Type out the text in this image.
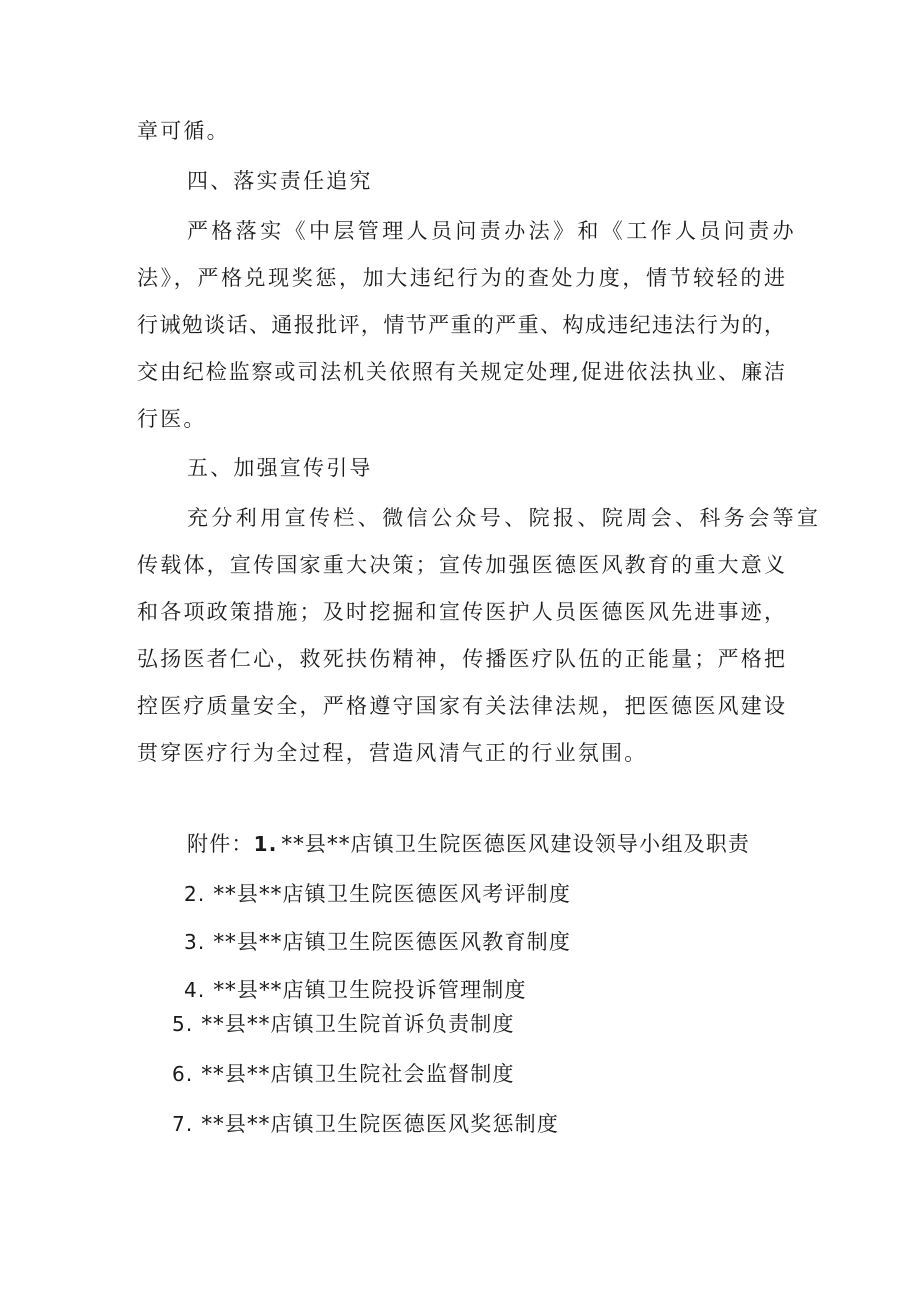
章可循。
四、落实责任追究
严格落实《中层管理人员问责办法》和《工作人员问责办
法》，严格兑现奖惩，加大违纪行为的查处力度，情节较轻的进
行诫勉谈话、通报批评，情节严重的严重、构成违纪违法行为的，
交由纪检监察或司法机关依照有关规定处理,促进依法执业、廉洁
行医。
五、加强宣传引导
充分利用宣传栏、微信公众号、院报、院周会、科务会等宣
传载体，宣传国家重大决策；宣传加强医德医风教育的重大意义
和各项政策措施；及时挖掘和宣传医护人员医德医风先进事迹，
弘扬医者仁心，救死扶伤精神，传播医疗队伍的正能量；严格把
控医疗质量安全，严格遵守国家有关法律法规，把医德医风建设
贯穿医疗行为全过程，营造风清气正的行业氛围。
附件：1. **县**店镇卫生院医德医风建设领导小组及职责
2. **县**店镇卫生院医德医风考评制度
3. **县**店镇卫生院医德医风教育制度
4. **县**店镇卫生院投诉管理制度
5. **县**店镇卫生院首诉负责制度
6. **县**店镇卫生院社会监督制度
7. **县**店镇卫生院医德医风奖惩制度
